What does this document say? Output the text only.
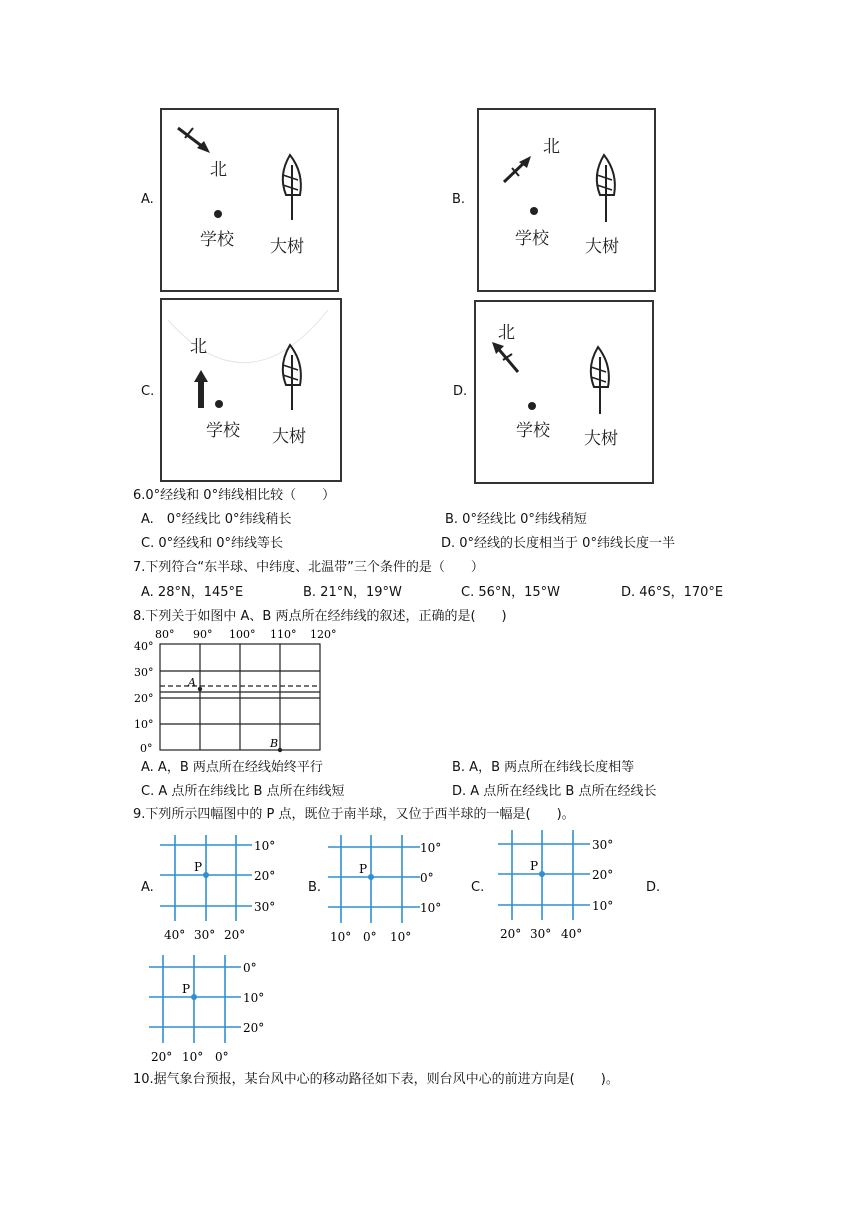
A.
北
学校 大树
B.
北
学校 大树
C.
北
学校 大树
D.
北
学校 大树
6.0°经线和 0°纬线相比较（　　）
A.　0°经线比 0°纬线稍长	B. 0°经线比 0°纬线稍短
C. 0°经线和 0°纬线等长	D. 0°经线的长度相当于 0°纬线长度一半
7.下列符合“东半球、中纬度、北温带”三个条件的是（　　）
A. 28°N，145°E	B. 21°N，19°W	C. 56°N，15°W	D. 46°S，170°E
8.下列关于如图中 A、B 两点所在经纬线的叙述，正确的是(　　)
A
B
80° 90° 100° 110° 120°
40°
30°
20°
10°
0°
A. A，B 两点所在经线始终平行	B. A，B 两点所在纬线长度相等
C. A 点所在纬线比 B 点所在纬线短	D. A 点所在经线比 B 点所在经线长
9.下列所示四幅图中的 P 点，既位于南半球，又位于西半球的一幅是(　　)。
A.
P
10°
20°
30°
40° 30° 20°
B.
P
10°
0°
10°
10° 0° 10°
C.
P
30°
20°
10°
20° 30° 40°
D.
P
0°
10°
20°
20° 10° 0°
10.据气象台预报，某台风中心的移动路径如下表，则台风中心的前进方向是(　　)。
